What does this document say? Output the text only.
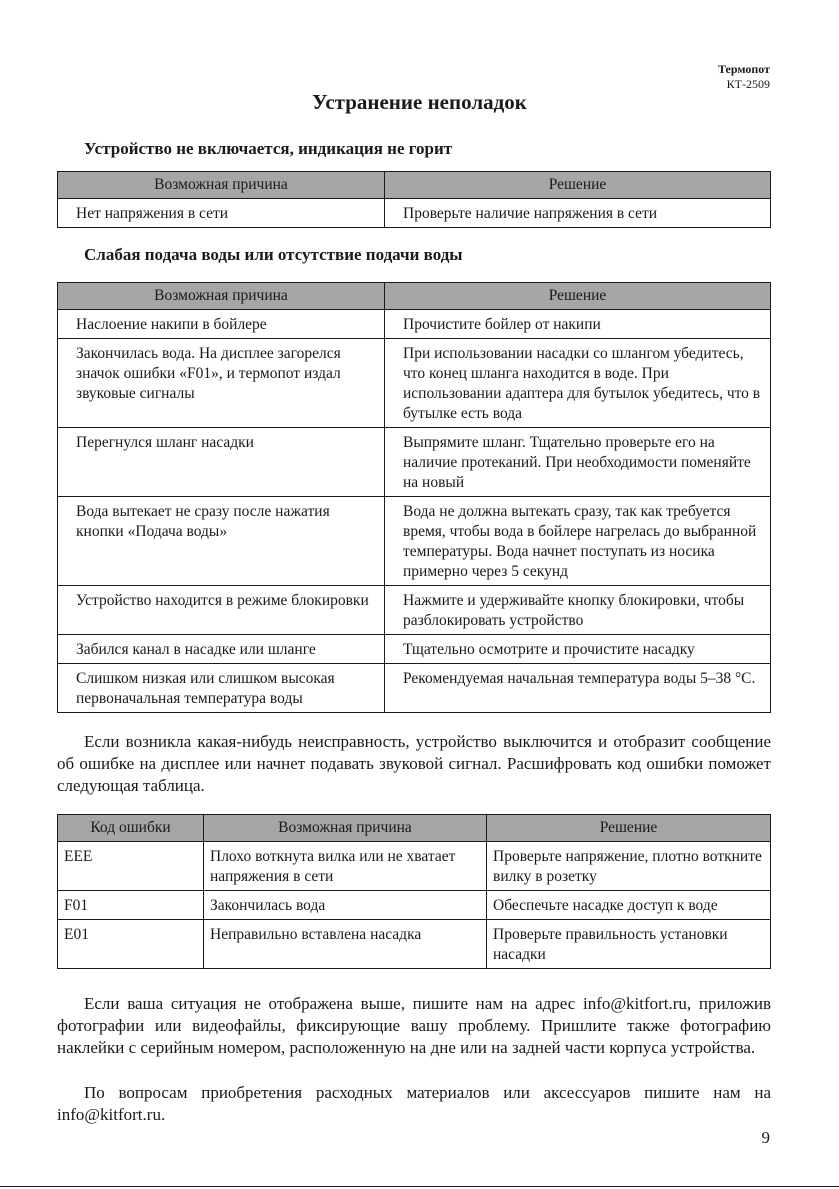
Термопот
КТ-2509
Устранение неполадок
Устройство не включается, индикация не горит
Возможная причина	Решение
Нет напряжения в сети	Проверьте наличие напряжения в сети
Слабая подача воды или отсутствие подачи воды
Возможная причина	Решение
Наслоение накипи в бойлере	Прочистите бойлер от накипи
Закончилась вода. На дисплее загорелся значок ошибки «F01», и термопот издал звуковые сигналы	При использовании насадки со шлангом убедитесь, что конец шланга находится в воде. При использовании адаптера для бутылок убедитесь, что в бутылке есть вода
Перегнулся шланг насадки	Выпрямите шланг. Тщательно проверьте его на наличие протеканий. При необходимости поменяйте на новый
Вода вытекает не сразу после нажатия кнопки «Подача воды»	Вода не должна вытекать сразу, так как требуется время, чтобы вода в бойлере нагрелась до выбранной температуры. Вода начнет поступать из носика примерно через 5 секунд
Устройство находится в режиме блокировки	Нажмите и удерживайте кнопку блокировки, чтобы разблокировать устройство
Забился канал в насадке или шланге	Тщательно осмотрите и прочистите насадку
Слишком низкая или слишком высокая первоначальная температура воды	Рекомендуемая начальная температура воды 5–38 °C.

Если возникла какая-нибудь неисправность, устройство выключится и отобразит сообщение об ошибке на дисплее или начнет подавать звуковой сигнал. Расшифровать код ошибки поможет следующая таблица.

Код ошибки	Возможная причина	Решение
EEE	Плохо воткнута вилка или не хватает напряжения в сети	Проверьте напряжение, плотно воткните вилку в розетку
F01	Закончилась вода	Обеспечьте насадке доступ к воде
E01	Неправильно вставлена насадка	Проверьте правильность установки насадки

Если ваша ситуация не отображена выше, пишите нам на адрес info@kitfort.ru, приложив фотографии или видеофайлы, фиксирующие вашу проблему. Пришлите также фотографию наклейки с серийным номером, расположенную на дне или на задней части корпуса устройства.

По вопросам приобретения расходных материалов или аксессуаров пишите нам на info@kitfort.ru.

9
